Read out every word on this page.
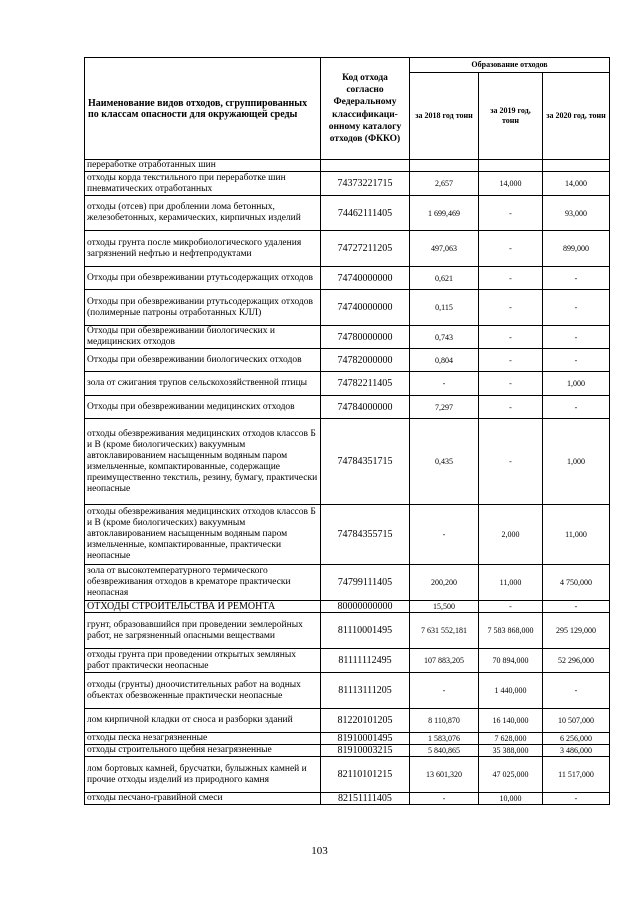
Наименование видов отходов, сгруппированных по классам опасности для окружающей среды	Код отхода согласно Федеральному классификаци-онному каталогу отходов (ФККО)	Образование отходов		
		за 2018 год тонн	за 2019 год, тонн	за 2020 год, тонн
переработке отработанных шин				
отходы корда текстильного при переработке шин пневматических отработанных	74373221715	2,657	14,000	14,000
отходы (отсев) при дроблении лома бетонных, железобетонных, керамических, кирпичных изделий	74462111405	1 699,469	-	93,000
отходы грунта после микробиологического удаления загрязнений нефтью и нефтепродуктами	74727211205	497,063	-	899,000
Отходы при обезвреживании ртутьсодержащих отходов	74740000000	0,621	-	-
Отходы при обезвреживании ртутьсодержащих отходов (полимерные патроны отработанных КЛЛ)	74740000000	0,115	-	-
Отходы при обезвреживании биологических и медицинских отходов	74780000000	0,743	-	-
Отходы при обезвреживании биологических отходов	74782000000	0,804	-	-
зола от сжигания трупов сельскохозяйственной птицы	74782211405	-	-	1,000
Отходы при обезвреживании медицинских отходов	74784000000	7,297	-	-
отходы обезвреживания медицинских отходов классов Б и В (кроме биологических) вакуумным автоклавированием насыщенным водяным паром измельченные, компактированные, содержащие преимущественно текстиль, резину, бумагу, практически неопасные	74784351715	0,435	-	1,000
отходы обезвреживания медицинских отходов классов Б и В (кроме биологических) вакуумным автоклавированием насыщенным водяным паром измельченные, компактированные, практически неопасные	74784355715	-	2,000	11,000
зола от высокотемпературного термического обезвреживания отходов в крематоре практически неопасная	74799111405	200,200	11,000	4 750,000
ОТХОДЫ СТРОИТЕЛЬСТВА И РЕМОНТА	80000000000	15,500	-	-
грунт, образовавшийся при проведении землеройных работ, не загрязненный опасными веществами	81110001495	7 631 552,181	7 583 868,000	295 129,000
отходы грунта при проведении открытых земляных работ практически неопасные	81111112495	107 883,205	70 894,000	52 296,000
отходы (грунты) дноочистительных работ на водных объектах обезвоженные практически неопасные	81113111205	-	1 440,000	-
лом кирпичной кладки от сноса и разборки зданий	81220101205	8 110,870	16 140,000	10 507,000
отходы песка незагрязненные	81910001495	1 583,076	7 628,000	6 256,000
отходы строительного щебня незагрязненные	81910003215	5 840,865	35 388,000	3 486,000
лом бортовых камней, брусчатки, булыжных камней и прочие отходы изделий из природного камня	82110101215	13 601,320	47 025,000	11 517,000
отходы песчано-гравийной смеси	82151111405	-	10,000	-
103
